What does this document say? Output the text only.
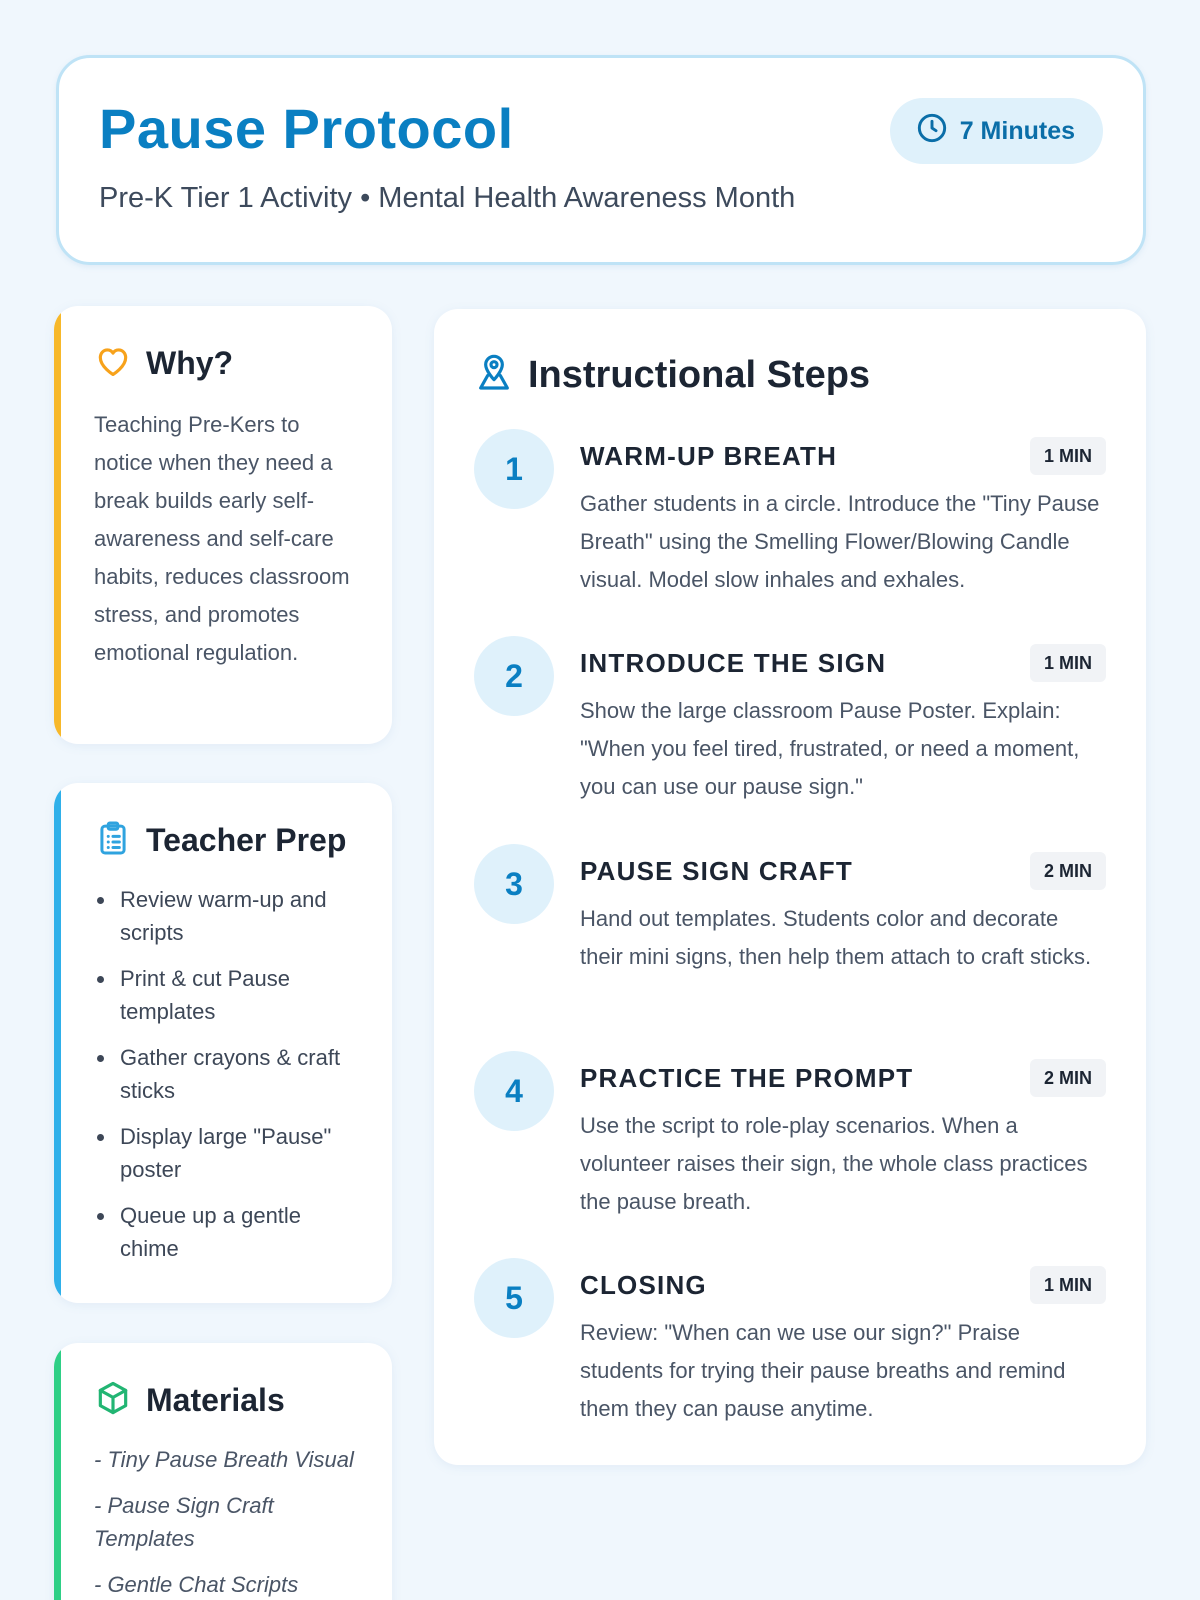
Pause Protocol
Pre-K Tier 1 Activity • Mental Health Awareness Month
7 Minutes
Why?

Teaching Pre-Kers to notice when they need a break builds early self-awareness and self-care habits, reduces classroom stress, and promotes emotional regulation.

Teacher Prep
Review warm-up and scripts
Print & cut Pause templates
Gather crayons & craft sticks
Display large "Pause" poster
Queue up a gentle chime
Materials
- Tiny Pause Breath Visual
- Pause Sign Craft Templates
- Gentle Chat Scripts
Instructional Steps
1	WARM-UP BREATH	1 MIN

Gather students in a circle. Introduce the "Tiny Pause Breath" using the Smelling Flower/Blowing Candle visual. Model slow inhales and exhales.

2	INTRODUCE THE SIGN	1 MIN

Show the large classroom Pause Poster. Explain: "When you feel tired, frustrated, or need a moment, you can use our pause sign."

3	PAUSE SIGN CRAFT	2 MIN

Hand out templates. Students color and decorate their mini signs, then help them attach to craft sticks.

4	PRACTICE THE PROMPT	2 MIN

Use the script to role-play scenarios. When a volunteer raises their sign, the whole class practices the pause breath.

5	CLOSING	1 MIN

Review: "When can we use our sign?" Praise students for trying their pause breaths and remind them they can pause anytime.
